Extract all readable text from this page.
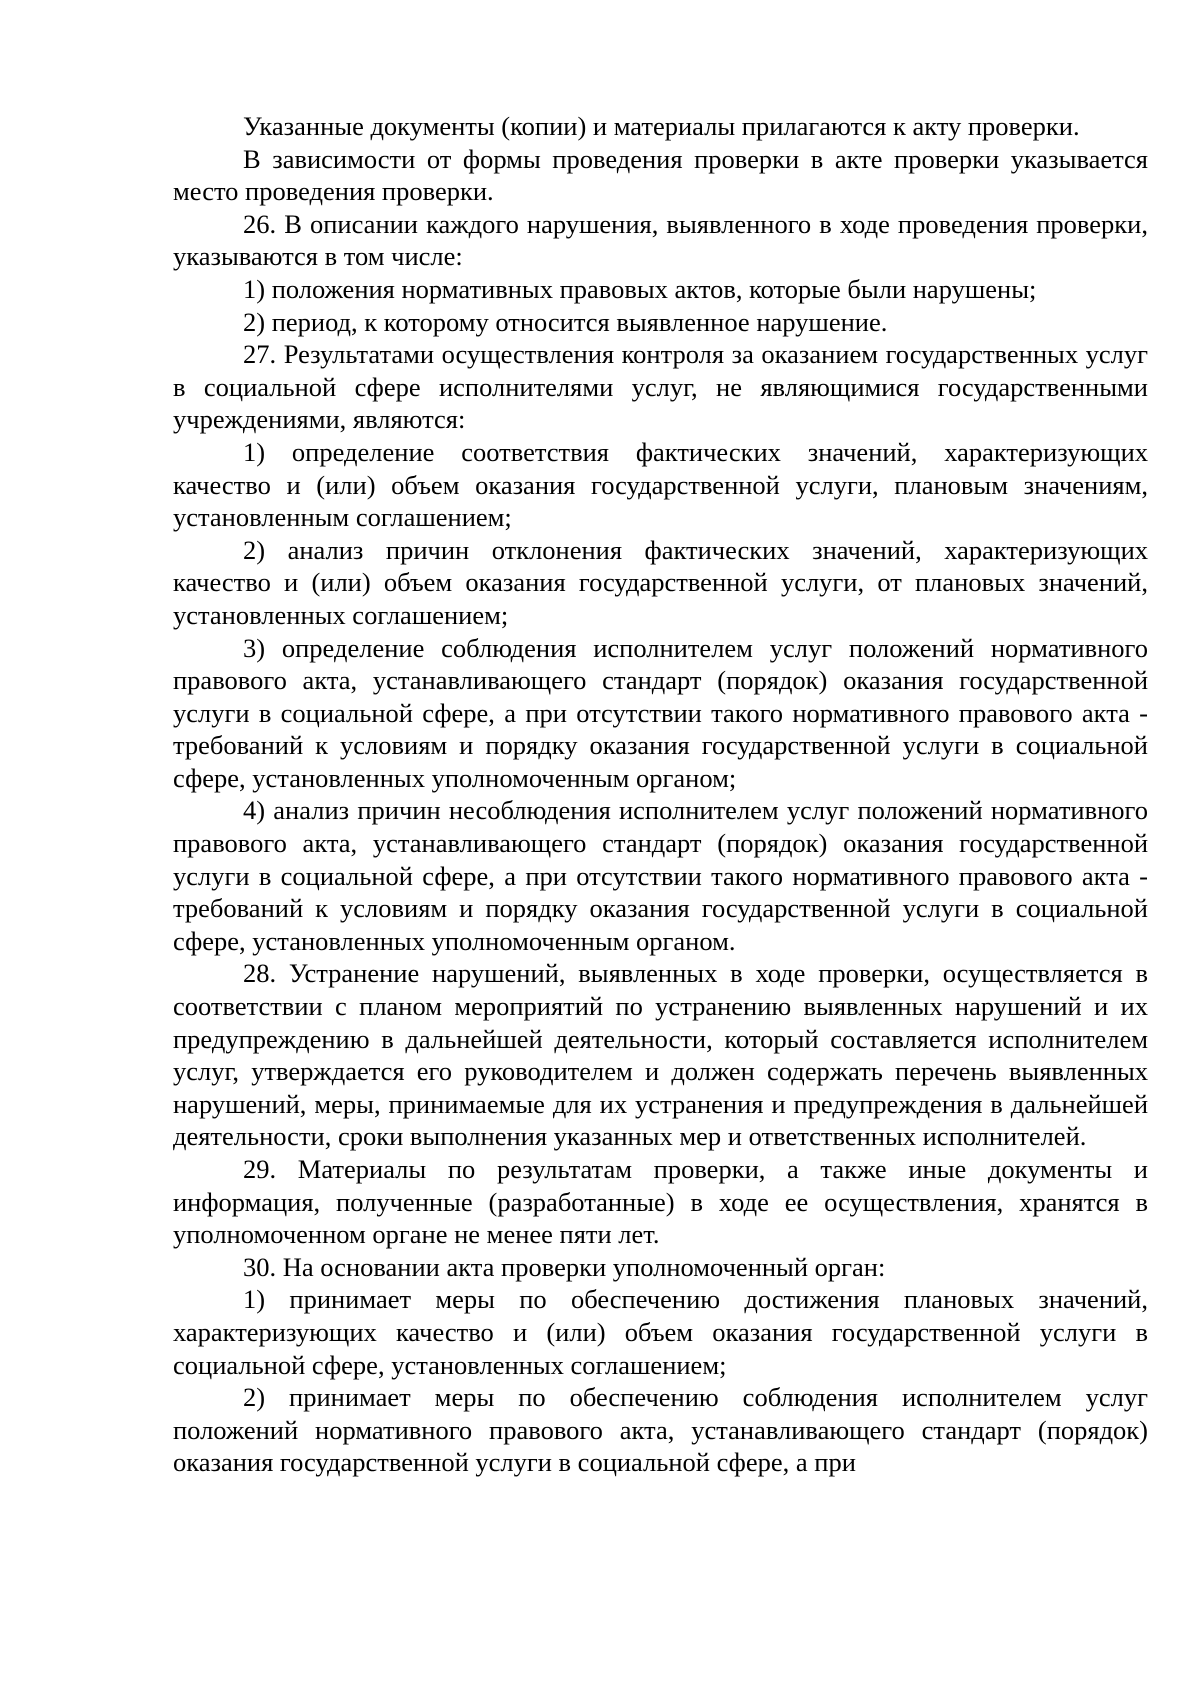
Указанные документы (копии) и материалы прилагаются к акту проверки.

В зависимости от формы проведения проверки в акте проверки указывается место проведения проверки.

26. В описании каждого нарушения, выявленного в ходе проведения проверки, указываются в том числе:

1) положения нормативных правовых актов, которые были нарушены;

2) период, к которому относится выявленное нарушение.

27. Результатами осуществления контроля за оказанием государственных услуг в социальной сфере исполнителями услуг, не являющимися государственными учреждениями, являются:

1) определение соответствия фактических значений, характеризующих качество и (или) объем оказания государственной услуги, плановым значениям, установленным соглашением;

2) анализ причин отклонения фактических значений, характеризующих качество и (или) объем оказания государственной услуги, от плановых значений, установленных соглашением;

3) определение соблюдения исполнителем услуг положений нормативного правового акта, устанавливающего стандарт (порядок) оказания государственной услуги в социальной сфере, а при отсутствии такого нормативного правового акта - требований к условиям и порядку оказания государственной услуги в социальной сфере, установленных уполномоченным органом;

4) анализ причин несоблюдения исполнителем услуг положений нормативного правового акта, устанавливающего стандарт (порядок) оказания государственной услуги в социальной сфере, а при отсутствии такого нормативного правового акта - требований к условиям и порядку оказания государственной услуги в социальной сфере, установленных уполномоченным органом.

28. Устранение нарушений, выявленных в ходе проверки, осуществляется в соответствии с планом мероприятий по устранению выявленных нарушений и их предупреждению в дальнейшей деятельности, который составляется исполнителем услуг, утверждается его руководителем и должен содержать перечень выявленных нарушений, меры, принимаемые для их устранения и предупреждения в дальнейшей деятельности, сроки выполнения указанных мер и ответственных исполнителей.

29. Материалы по результатам проверки, а также иные документы и информация, полученные (разработанные) в ходе ее осуществления, хранятся в уполномоченном органе не менее пяти лет.

30. На основании акта проверки уполномоченный орган:

1) принимает меры по обеспечению достижения плановых значений, характеризующих качество и (или) объем оказания государственной услуги в социальной сфере, установленных соглашением;

2) принимает меры по обеспечению соблюдения исполнителем услуг положений нормативного правового акта, устанавливающего стандарт (порядок) оказания государственной услуги в социальной сфере, а при
